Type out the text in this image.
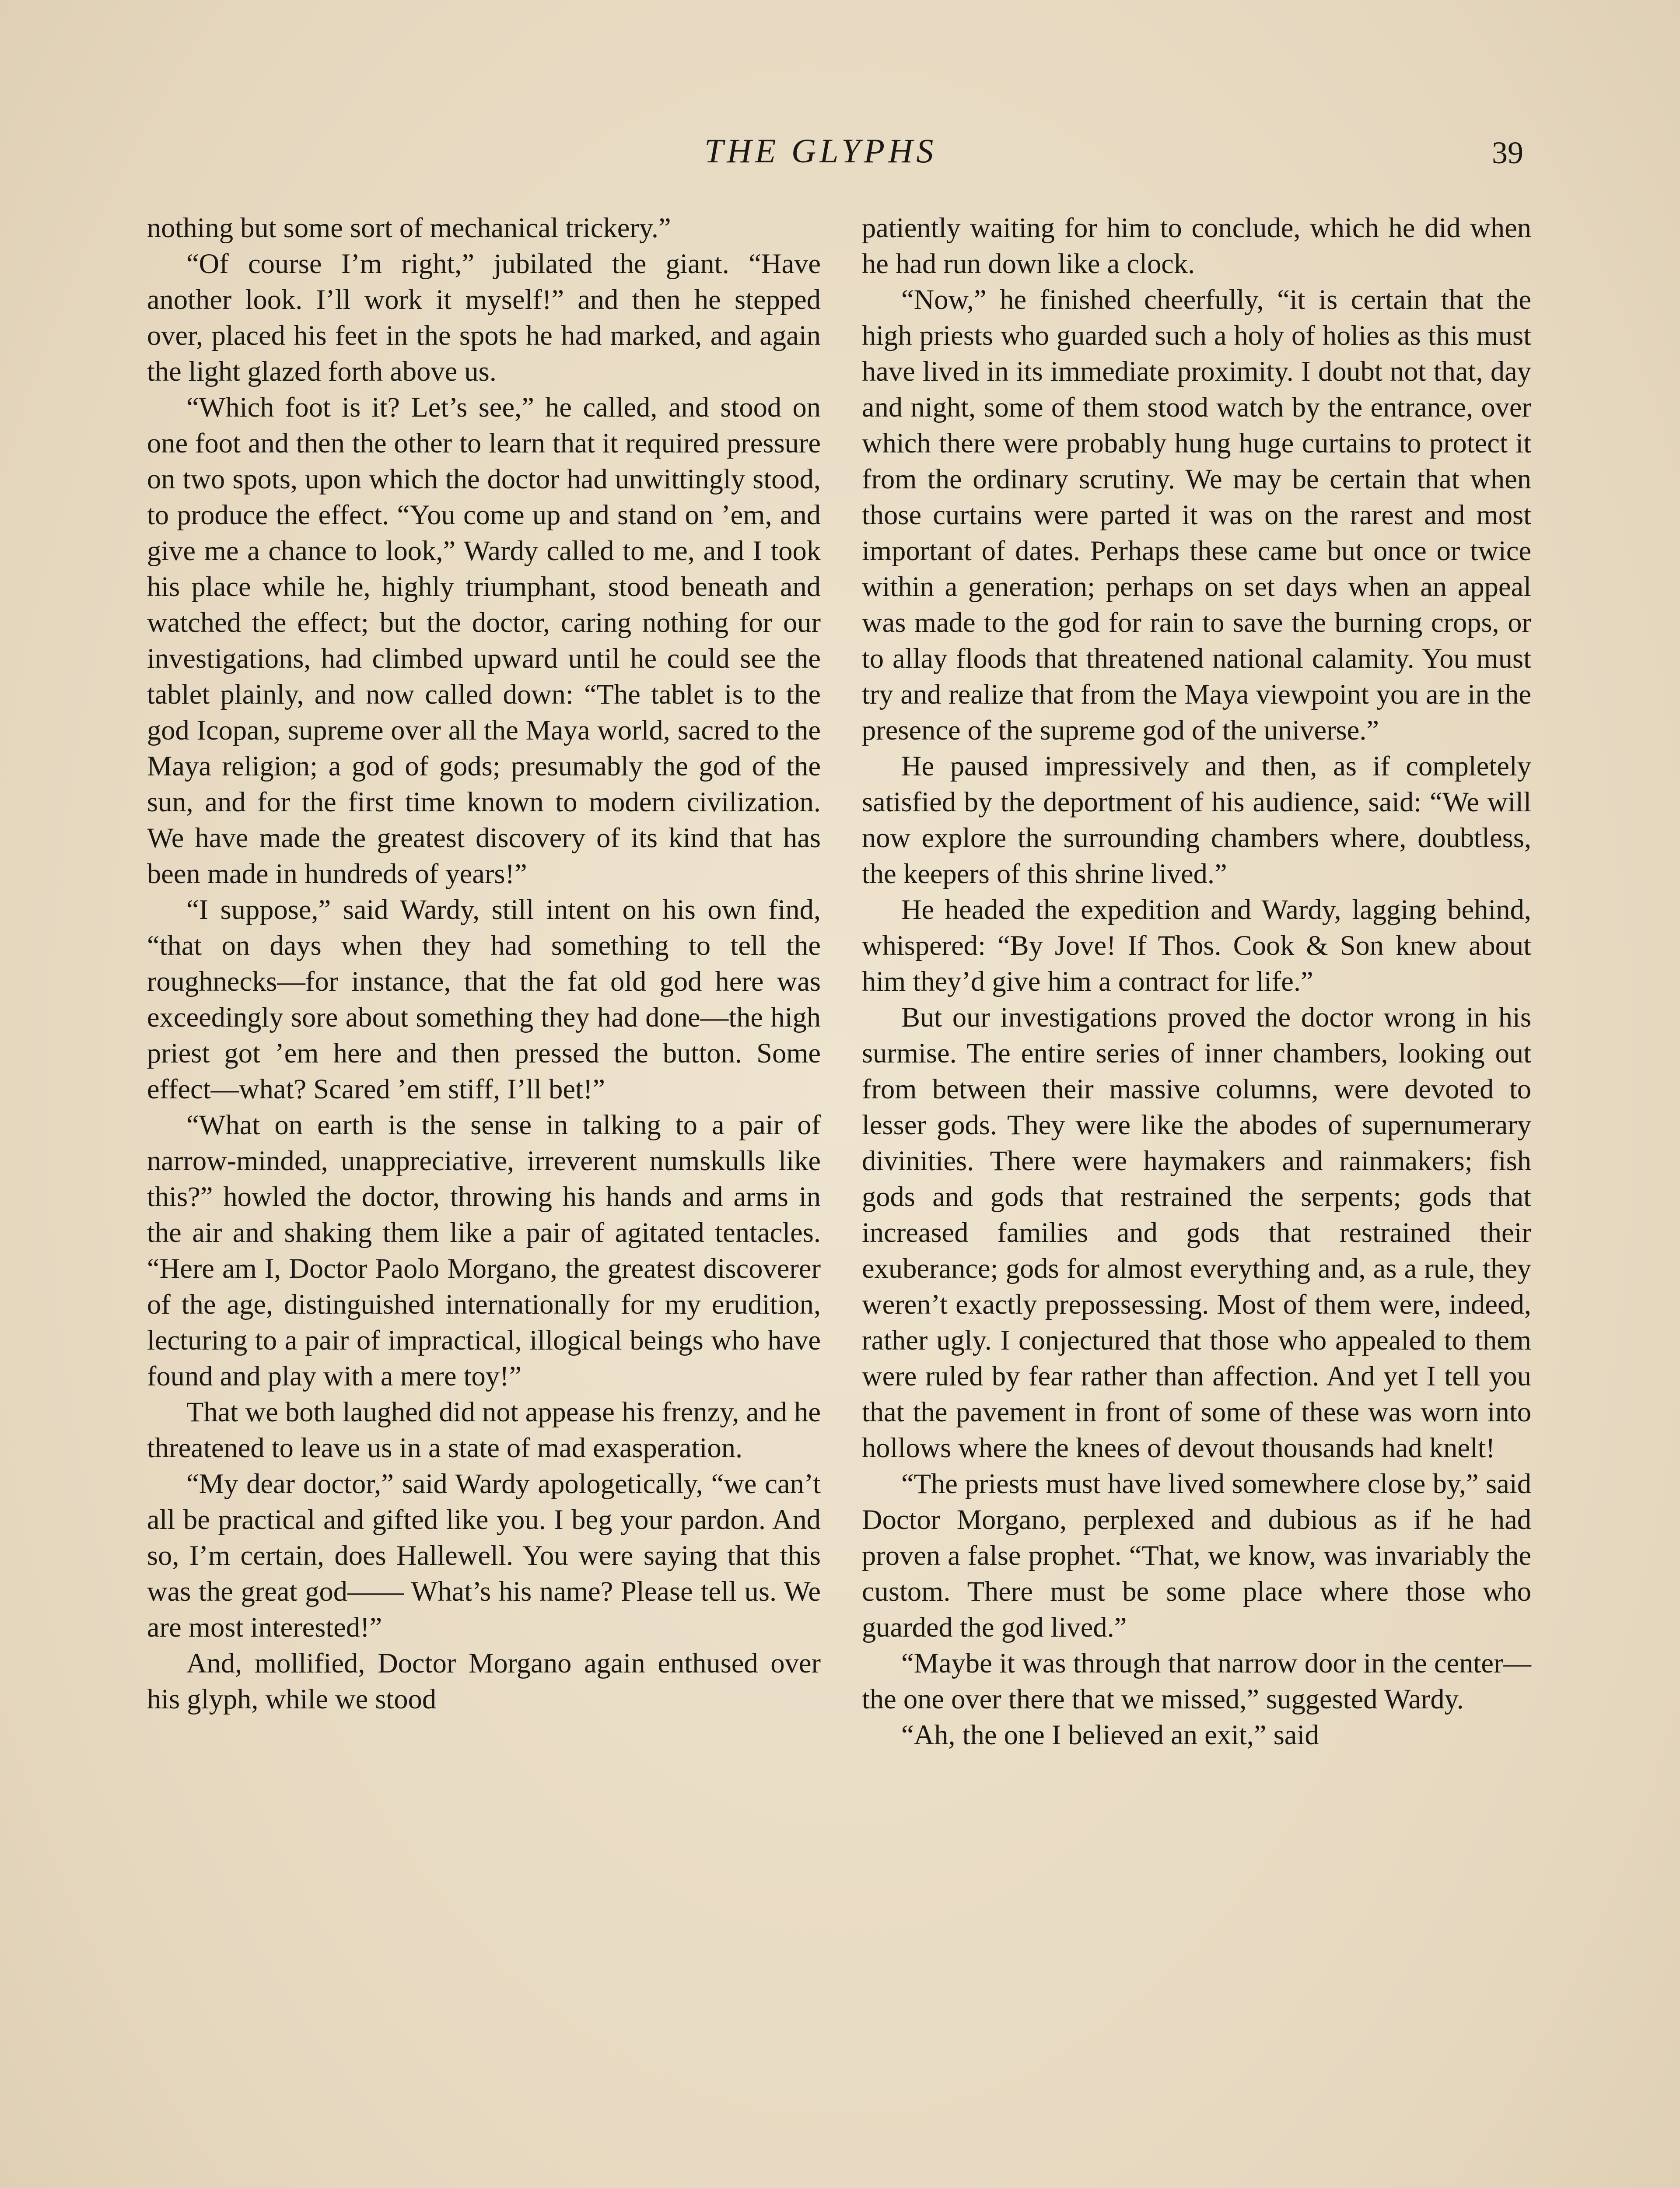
THE GLYPHS	39

nothing but some sort of mechanical trickery.”

“Of course I’m right,” jubilated the giant. “Have another look. I’ll work it myself!” and then he stepped over, placed his feet in the spots he had marked, and again the light glazed forth above us.

“Which foot is it? Let’s see,” he called, and stood on one foot and then the other to learn that it required pressure on two spots, upon which the doctor had unwittingly stood, to produce the effect. “You come up and stand on ’em, and give me a chance to look,” Wardy called to me, and I took his place while he, highly triumphant, stood beneath and watched the effect; but the doctor, caring nothing for our investigations, had climbed upward until he could see the tablet plainly, and now called down: “The tablet is to the god Icopan, supreme over all the Maya world, sacred to the Maya religion; a god of gods; presumably the god of the sun, and for the first time known to modern civilization. We have made the greatest discovery of its kind that has been made in hundreds of years!”

“I suppose,” said Wardy, still intent on his own find, “that on days when they had something to tell the roughnecks—for instance, that the fat old god here was exceedingly sore about something they had done—the high priest got ’em here and then pressed the button. Some effect—what? Scared ’em stiff, I’ll bet!”

“What on earth is the sense in talking to a pair of narrow-minded, unappreciative, irreverent numskulls like this?” howled the doctor, throwing his hands and arms in the air and shaking them like a pair of agitated tentacles. “Here am I, Doctor Paolo Morgano, the greatest discoverer of the age, distinguished internationally for my erudition, lecturing to a pair of impractical, illogical beings who have found and play with a mere toy!”

That we both laughed did not appease his frenzy, and he threatened to leave us in a state of mad exasperation.

“My dear doctor,” said Wardy apologetically, “we can’t all be practical and gifted like you. I beg your pardon. And so, I’m certain, does Hallewell. You were saying that this was the great god—— What’s his name? Please tell us. We are most interested!”

And, mollified, Doctor Morgano again enthused over his glyph, while we stood

patiently waiting for him to conclude, which he did when he had run down like a clock.

“Now,” he finished cheerfully, “it is certain that the high priests who guarded such a holy of holies as this must have lived in its immediate proximity. I doubt not that, day and night, some of them stood watch by the entrance, over which there were probably hung huge curtains to protect it from the ordinary scrutiny. We may be certain that when those curtains were parted it was on the rarest and most important of dates. Perhaps these came but once or twice within a generation; perhaps on set days when an appeal was made to the god for rain to save the burning crops, or to allay floods that threatened national calamity. You must try and realize that from the Maya viewpoint you are in the presence of the supreme god of the universe.”

He paused impressively and then, as if completely satisfied by the deportment of his audience, said: “We will now explore the surrounding chambers where, doubtless, the keepers of this shrine lived.”

He headed the expedition and Wardy, lagging behind, whispered: “By Jove! If Thos. Cook & Son knew about him they’d give him a contract for life.”

But our investigations proved the doctor wrong in his surmise. The entire series of inner chambers, looking out from between their massive columns, were devoted to lesser gods. They were like the abodes of supernumerary divinities. There were haymakers and rainmakers; fish gods and gods that restrained the serpents; gods that increased families and gods that restrained their exuberance; gods for almost everything and, as a rule, they weren’t exactly prepossessing. Most of them were, indeed, rather ugly. I conjectured that those who appealed to them were ruled by fear rather than affection. And yet I tell you that the pavement in front of some of these was worn into hollows where the knees of devout thousands had knelt!

“The priests must have lived somewhere close by,” said Doctor Morgano, perplexed and dubious as if he had proven a false prophet. “That, we know, was invariably the custom. There must be some place where those who guarded the god lived.”

“Maybe it was through that narrow door in the center—the one over there that we missed,” suggested Wardy.

“Ah, the one I believed an exit,” said
